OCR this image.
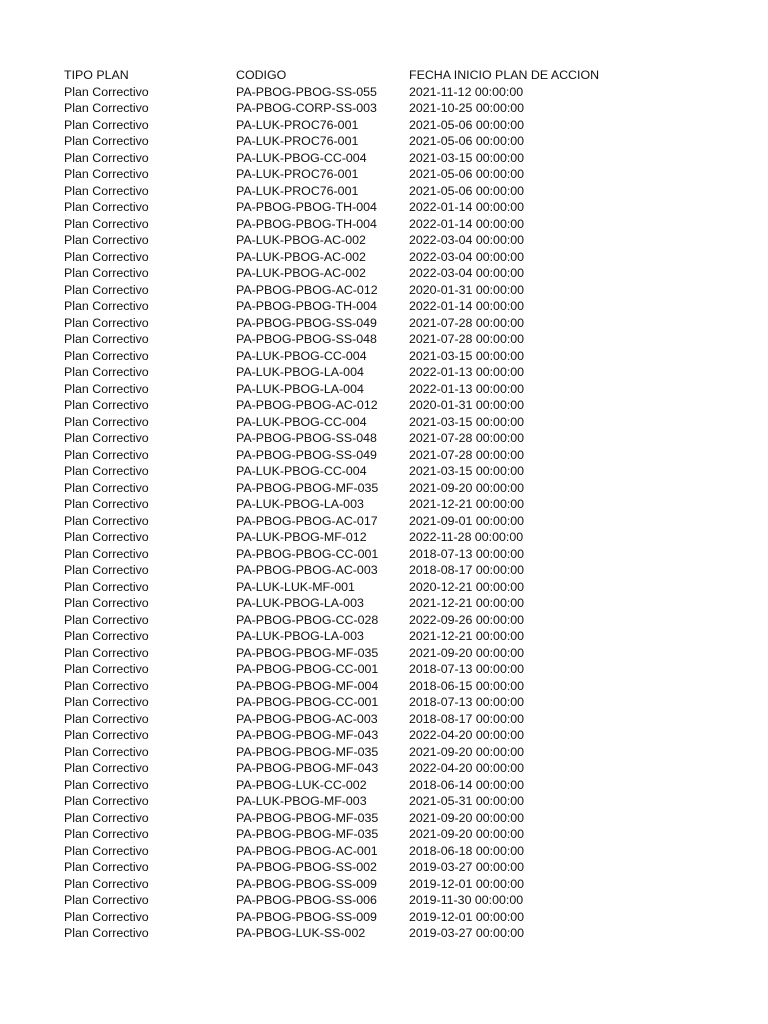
TIPO PLAN	CODIGO	FECHA INICIO PLAN DE ACCION
Plan Correctivo	PA-PBOG-PBOG-SS-055	2021-11-12 00:00:00
Plan Correctivo	PA-PBOG-CORP-SS-003	2021-10-25 00:00:00
Plan Correctivo	PA-LUK-PROC76-001	2021-05-06 00:00:00
Plan Correctivo	PA-LUK-PROC76-001	2021-05-06 00:00:00
Plan Correctivo	PA-LUK-PBOG-CC-004	2021-03-15 00:00:00
Plan Correctivo	PA-LUK-PROC76-001	2021-05-06 00:00:00
Plan Correctivo	PA-LUK-PROC76-001	2021-05-06 00:00:00
Plan Correctivo	PA-PBOG-PBOG-TH-004	2022-01-14 00:00:00
Plan Correctivo	PA-PBOG-PBOG-TH-004	2022-01-14 00:00:00
Plan Correctivo	PA-LUK-PBOG-AC-002	2022-03-04 00:00:00
Plan Correctivo	PA-LUK-PBOG-AC-002	2022-03-04 00:00:00
Plan Correctivo	PA-LUK-PBOG-AC-002	2022-03-04 00:00:00
Plan Correctivo	PA-PBOG-PBOG-AC-012	2020-01-31 00:00:00
Plan Correctivo	PA-PBOG-PBOG-TH-004	2022-01-14 00:00:00
Plan Correctivo	PA-PBOG-PBOG-SS-049	2021-07-28 00:00:00
Plan Correctivo	PA-PBOG-PBOG-SS-048	2021-07-28 00:00:00
Plan Correctivo	PA-LUK-PBOG-CC-004	2021-03-15 00:00:00
Plan Correctivo	PA-LUK-PBOG-LA-004	2022-01-13 00:00:00
Plan Correctivo	PA-LUK-PBOG-LA-004	2022-01-13 00:00:00
Plan Correctivo	PA-PBOG-PBOG-AC-012	2020-01-31 00:00:00
Plan Correctivo	PA-LUK-PBOG-CC-004	2021-03-15 00:00:00
Plan Correctivo	PA-PBOG-PBOG-SS-048	2021-07-28 00:00:00
Plan Correctivo	PA-PBOG-PBOG-SS-049	2021-07-28 00:00:00
Plan Correctivo	PA-LUK-PBOG-CC-004	2021-03-15 00:00:00
Plan Correctivo	PA-PBOG-PBOG-MF-035	2021-09-20 00:00:00
Plan Correctivo	PA-LUK-PBOG-LA-003	2021-12-21 00:00:00
Plan Correctivo	PA-PBOG-PBOG-AC-017	2021-09-01 00:00:00
Plan Correctivo	PA-LUK-PBOG-MF-012	2022-11-28 00:00:00
Plan Correctivo	PA-PBOG-PBOG-CC-001	2018-07-13 00:00:00
Plan Correctivo	PA-PBOG-PBOG-AC-003	2018-08-17 00:00:00
Plan Correctivo	PA-LUK-LUK-MF-001	2020-12-21 00:00:00
Plan Correctivo	PA-LUK-PBOG-LA-003	2021-12-21 00:00:00
Plan Correctivo	PA-PBOG-PBOG-CC-028	2022-09-26 00:00:00
Plan Correctivo	PA-LUK-PBOG-LA-003	2021-12-21 00:00:00
Plan Correctivo	PA-PBOG-PBOG-MF-035	2021-09-20 00:00:00
Plan Correctivo	PA-PBOG-PBOG-CC-001	2018-07-13 00:00:00
Plan Correctivo	PA-PBOG-PBOG-MF-004	2018-06-15 00:00:00
Plan Correctivo	PA-PBOG-PBOG-CC-001	2018-07-13 00:00:00
Plan Correctivo	PA-PBOG-PBOG-AC-003	2018-08-17 00:00:00
Plan Correctivo	PA-PBOG-PBOG-MF-043	2022-04-20 00:00:00
Plan Correctivo	PA-PBOG-PBOG-MF-035	2021-09-20 00:00:00
Plan Correctivo	PA-PBOG-PBOG-MF-043	2022-04-20 00:00:00
Plan Correctivo	PA-PBOG-LUK-CC-002	2018-06-14 00:00:00
Plan Correctivo	PA-LUK-PBOG-MF-003	2021-05-31 00:00:00
Plan Correctivo	PA-PBOG-PBOG-MF-035	2021-09-20 00:00:00
Plan Correctivo	PA-PBOG-PBOG-MF-035	2021-09-20 00:00:00
Plan Correctivo	PA-PBOG-PBOG-AC-001	2018-06-18 00:00:00
Plan Correctivo	PA-PBOG-PBOG-SS-002	2019-03-27 00:00:00
Plan Correctivo	PA-PBOG-PBOG-SS-009	2019-12-01 00:00:00
Plan Correctivo	PA-PBOG-PBOG-SS-006	2019-11-30 00:00:00
Plan Correctivo	PA-PBOG-PBOG-SS-009	2019-12-01 00:00:00
Plan Correctivo	PA-PBOG-LUK-SS-002	2019-03-27 00:00:00
